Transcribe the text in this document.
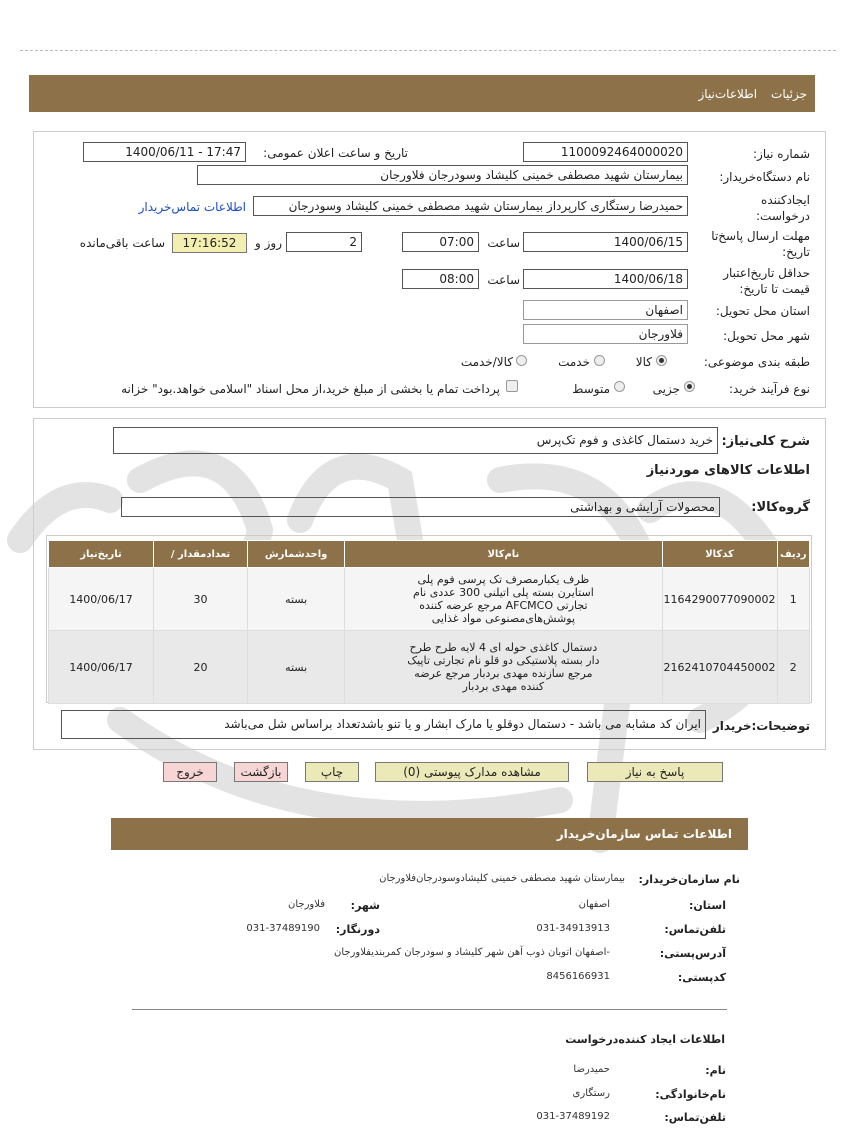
جزئیات
اطلاعات‌نیاز
شماره نیاز:
1100092464000020
تاریخ و ساعت اعلان عمومی:
1400/06/11 - 17:47
نام دستگاه‌خریدار:
بیمارستان شهید مصطفی خمینی کلیشاد وسودرجان فلاورجان
ایجادکننده درخواست:
حمیدرضا رستگاری کارپرداز بیمارستان شهید مصطفی خمینی کلیشاد وسودرجان
اطلاعات تماس‌خریدار
مهلت ارسال پاسخ‌تا تاریخ:
1400/06/15
ساعت
07:00
2
روز و
17:16:52
ساعت باقی‌مانده
حداقل تاریخ‌اعتبار قیمت تا تاریخ:
1400/06/18
ساعت
08:00
استان محل تحویل:
اصفهان
شهر محل تحویل:
فلاورجان
طبقه بندی موضوعی:
کالا
خدمت
کالا/خدمت
نوع فرآیند خرید:
جزیی
متوسط
پرداخت تمام یا بخشی از مبلغ خرید،از محل اسناد "اسلامی خواهد.بود" خزانه
شرح کلی‌نیاز:
خرید دستمال کاغذی و فوم تک‌پرس
اطلاعات کالاهای موردنیاز
گروه‌کالا:
محصولات آرایشی و بهداشتی
ردیف	کدکالا	نام‌کالا	واحدشمارش	تعدادمقدار /	تاریخ‌نیاز
1	1164290077090002	ظرف یکبارمصرف تک پرسی فوم پلی استایرن بسته پلی اتیلنی 300 عددی نام تجارتی AFCMCO مرجع عرضه کننده پوشش‌های‌مصنوعی مواد غذایی	بسته	30	1400/06/17
2	2162410704450002	دستمال کاغذی حوله ای 4 لایه طرح طرح دار بسته پلاستیکی دو قلو نام تجارتی تاپیک مرجع سازنده مهدی بردبار مرجع عرضه کننده مهدی بردبار	بسته	20	1400/06/17
توضیحات:خریدار
ایران کد مشابه می باشد - دستمال دوقلو یا مارک ابشار و یا تنو باشدتعداد براساس شل می‌باشد
پاسخ به نیاز
مشاهده مدارک پیوستی (0)
چاپ
بازگشت
خروج
اطلاعات تماس سازمان‌خریدار
نام سازمان‌خریدار:
بیمارستان شهید مصطفی خمینی کلیشادوسودرجان‌فلاورجان
استان:
اصفهان
شهر:
فلاورجان
تلفن‌تماس:
031-34913913
دورنگار:
031-37489190
آدرس‌پستی:
-اصفهان اتوبان ذوب آهن شهر کلیشاد و سودرجان کمربندیفلاورجان
کدپستی:
8456166931
اطلاعات ایجاد کننده‌درخواست
نام:
حمیدرضا
نام‌خانوادگی:
رستگاری
تلفن‌تماس:
031-37489192
